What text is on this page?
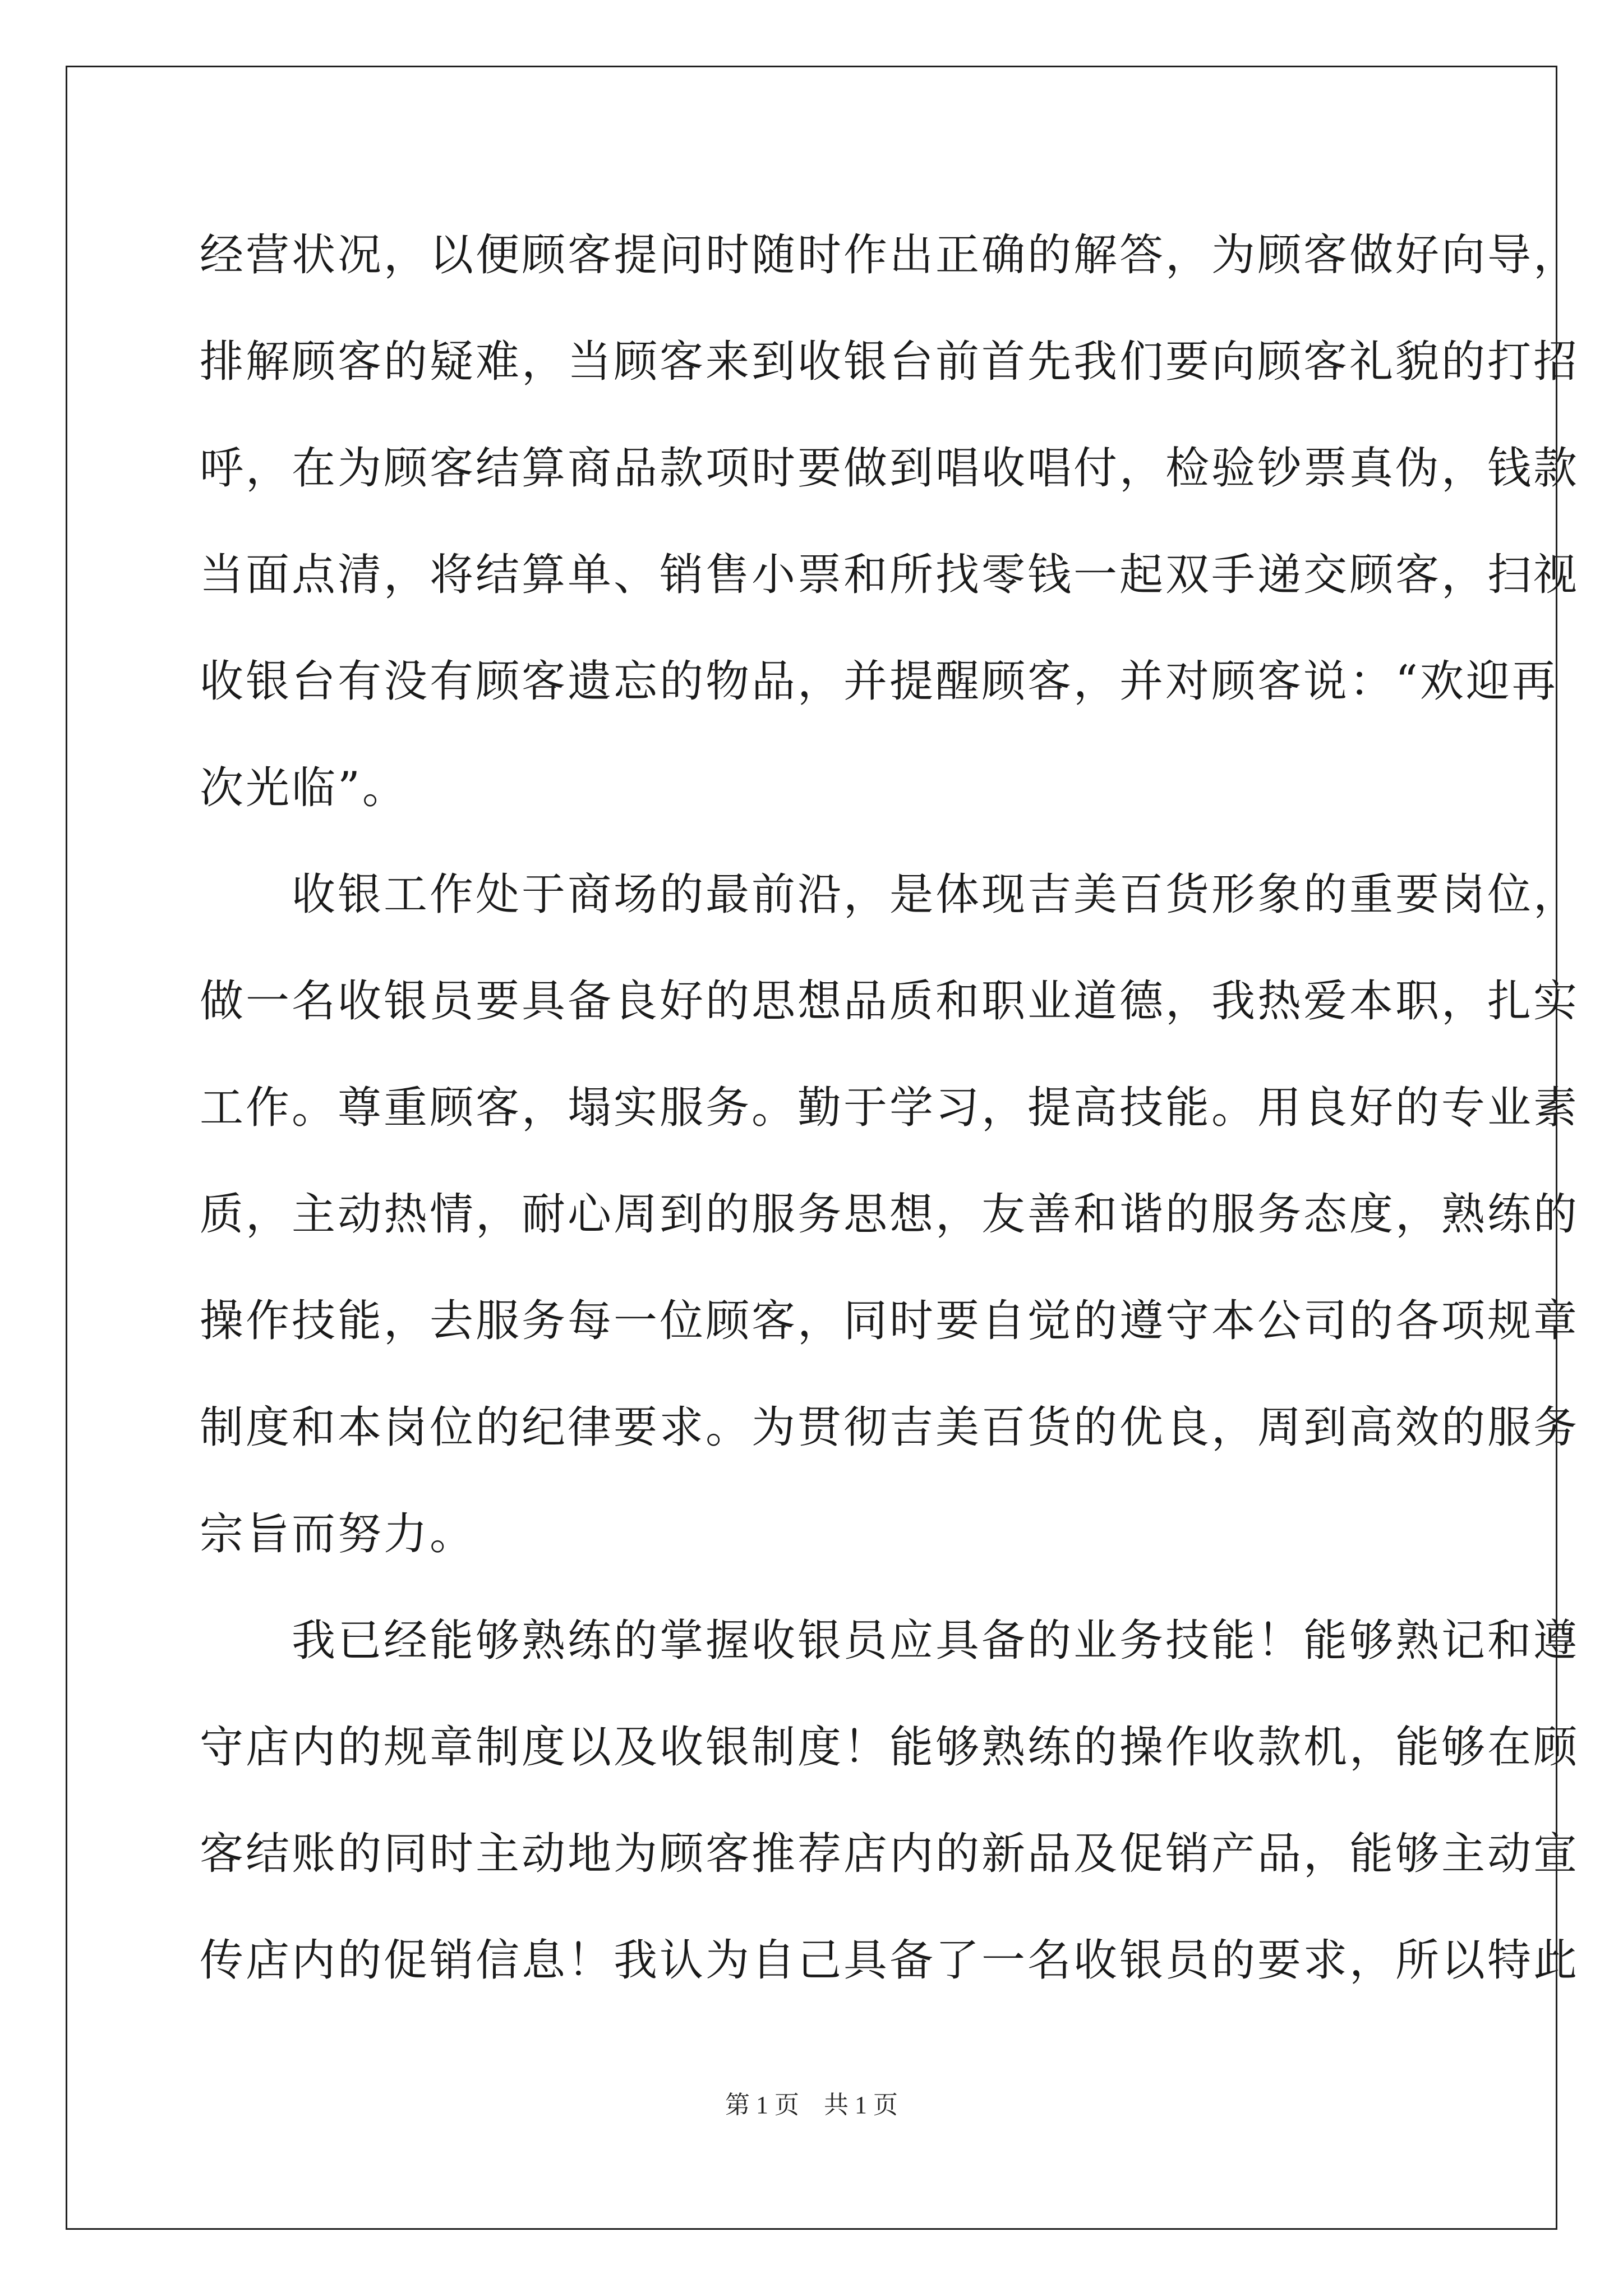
经营状况，以便顾客提问时随时作出正确的解答，为顾客做好向导，
排解顾客的疑难，当顾客来到收银台前首先我们要向顾客礼貌的打招
呼，在为顾客结算商品款项时要做到唱收唱付，检验钞票真伪，钱款
当面点清，将结算单、销售小票和所找零钱一起双手递交顾客，扫视
收银台有没有顾客遗忘的物品，并提醒顾客，并对顾客说：“欢迎再
次光临”。
　　收银工作处于商场的最前沿，是体现吉美百货形象的重要岗位，
做一名收银员要具备良好的思想品质和职业道德，我热爱本职，扎实
工作。尊重顾客，塌实服务。勤于学习，提高技能。用良好的专业素
质，主动热情，耐心周到的服务思想，友善和谐的服务态度，熟练的
操作技能，去服务每一位顾客，同时要自觉的遵守本公司的各项规章
制度和本岗位的纪律要求。为贯彻吉美百货的优良，周到高效的服务
宗旨而努力。
　　我已经能够熟练的掌握收银员应具备的业务技能！能够熟记和遵
守店内的规章制度以及收银制度！能够熟练的操作收款机，能够在顾
客结账的同时主动地为顾客推荐店内的新品及促销产品，能够主动宣
传店内的促销信息！我认为自己具备了一名收银员的要求，所以特此
第 1 页　共 1 页
